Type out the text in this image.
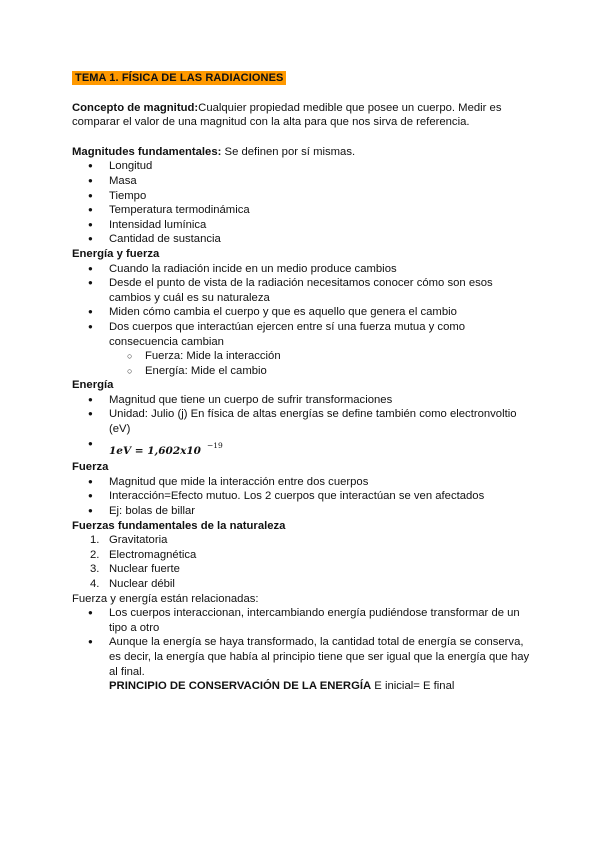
TEMA 1. FÍSICA DE LAS RADIACIONES

Concepto de magnitud:Cualquier propiedad medible que posee un cuerpo. Medir es comparar el valor de una magnitud con la alta para que nos sirva de referencia.

Magnitudes fundamentales: Se definen por sí mismas.

● Longitud
● Masa
● Tiempo
● Temperatura termodinámica
● Intensidad lumínica
● Cantidad de sustancia

Energía y fuerza

● Cuando la radiación incide en un medio produce cambios
● Desde el punto de vista de la radiación necesitamos conocer cómo son esos cambios y cuál es su naturaleza
● Miden cómo cambia el cuerpo y que es aquello que genera el cambio
● Dos cuerpos que interactúan ejercen entre sí una fuerza mutua y como consecuencia cambian
○ Fuerza: Mide la interacción
○ Energía: Mide el cambio

Energía

● Magnitud que tiene un cuerpo de sufrir transformaciones
● Unidad: Julio (j) En física de altas energías se define también como electronvoltio (eV)
● 1eV = 1,602x10 $^{-19}$

Fuerza

● Magnitud que mide la interacción entre dos cuerpos
● Interacción=Efecto mutuo. Los 2 cuerpos que interactúan se ven afectados
● Ej: bolas de billar

Fuerzas fundamentales de la naturaleza

1. Gravitatoria
2. Electromagnética
3. Nuclear fuerte
4. Nuclear débil

Fuerza y energía están relacionadas:

● Los cuerpos interaccionan, intercambiando energía pudiéndose transformar de un tipo a otro
● Aunque la energía se haya transformado, la cantidad total de energía se conserva, es decir, la energía que había al principio tiene que ser igual que la energía que hay al final.

PRINCIPIO DE CONSERVACIÓN DE LA ENERGÍA E inicial= E final
